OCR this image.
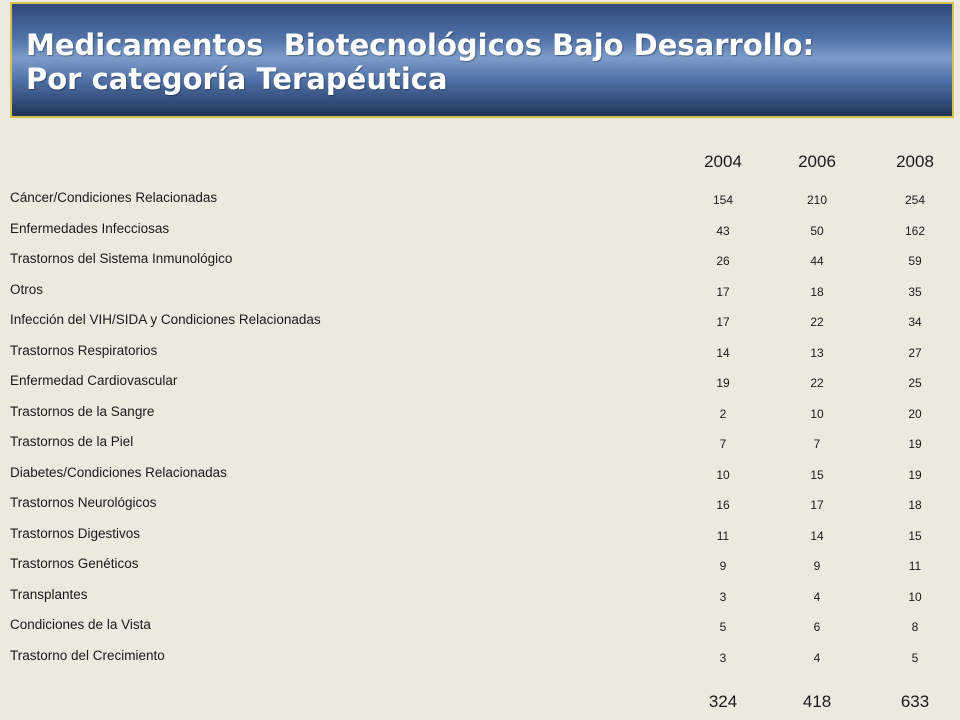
Medicamentos  Biotecnológicos Bajo Desarrollo:
Por categoría Terapéutica
2004	2006	2008
Cáncer/Condiciones Relacionadas	154	210	254
Enfermedades Infecciosas	43	50	162
Trastornos del Sistema Inmunológico	26	44	59
Otros	17	18	35
Infección del VIH/SIDA y Condiciones Relacionadas	17	22	34
Trastornos Respiratorios	14	13	27
Enfermedad Cardiovascular	19	22	25
Trastornos de la Sangre	2	10	20
Trastornos de la Piel	7	7	19
Diabetes/Condiciones Relacionadas	10	15	19
Trastornos Neurológicos	16	17	18
Trastornos Digestivos	11	14	15
Trastornos Genéticos	9	9	11
Transplantes	3	4	10
Condiciones de la Vista	5	6	8
Trastorno del Crecimiento	3	4	5
324	418	633
